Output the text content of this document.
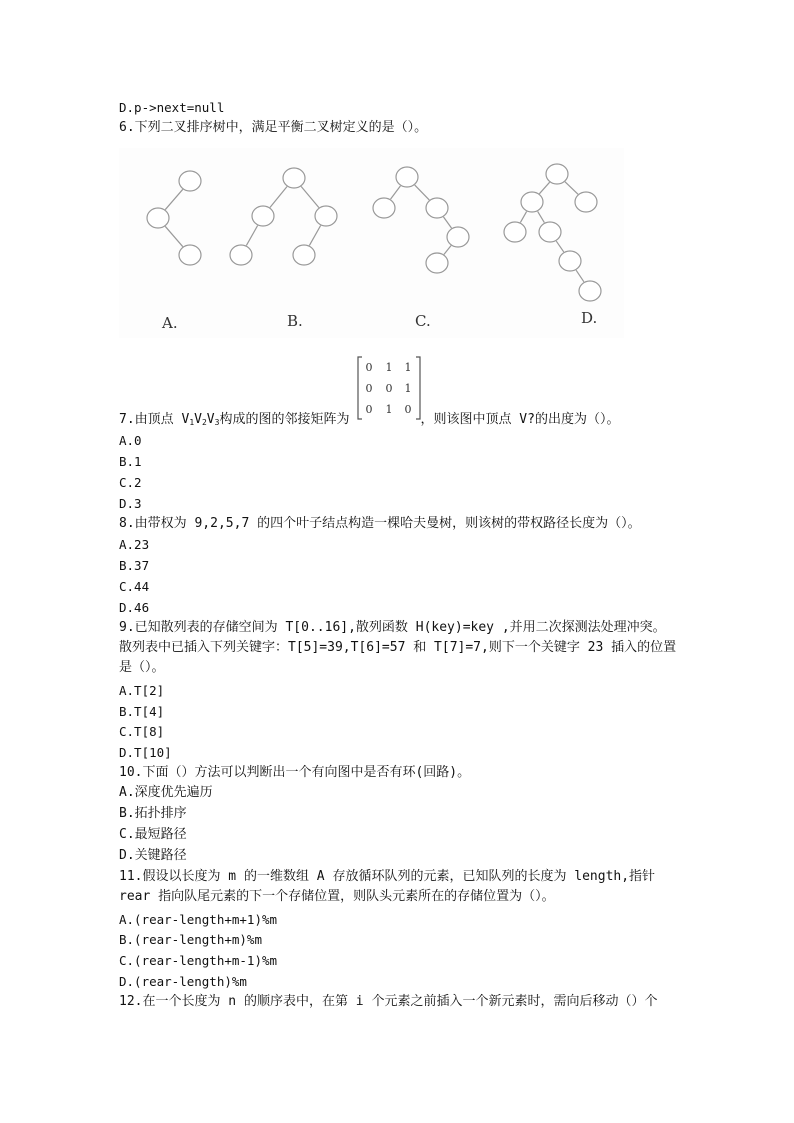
D.p->next=null
6.下列二叉排序树中，满足平衡二叉树定义的是（）。
A.	B.	C.	D.
0 1 1
0 0 1
0 1 0
7.由顶点 $V_1V_2V_3$构成的图的邻接矩阵为	，则该图中顶点 V?的出度为（）。
A.0
B.1
C.2
D.3
8.由带权为 9,2,5,7 的四个叶子结点构造一棵哈夫曼树，则该树的带权路径长度为（）。
A.23
B.37
C.44
D.46
9.已知散列表的存储空间为 T[0..16],散列函数 H(key)=key ,并用二次探测法处理冲突。
散列表中已插入下列关键字：T[5]=39,T[6]=57 和 T[7]=7,则下一个关键字 23 插入的位置
是（）。
A.T[2]
B.T[4]
C.T[8]
D.T[10]
10.下面（）方法可以判断出一个有向图中是否有环(回路)。
A.深度优先遍历
B.拓扑排序
C.最短路径
D.关键路径
11.假设以长度为 m 的一维数组 A 存放循环队列的元素，已知队列的长度为 length,指针
rear 指向队尾元素的下一个存储位置，则队头元素所在的存储位置为（）。
A.(rear-length+m+1)%m
B.(rear-length+m)%m
C.(rear-length+m-1)%m
D.(rear-length)%m
12.在一个长度为 n 的顺序表中，在第 i 个元素之前插入一个新元素时，需向后移动（）个
